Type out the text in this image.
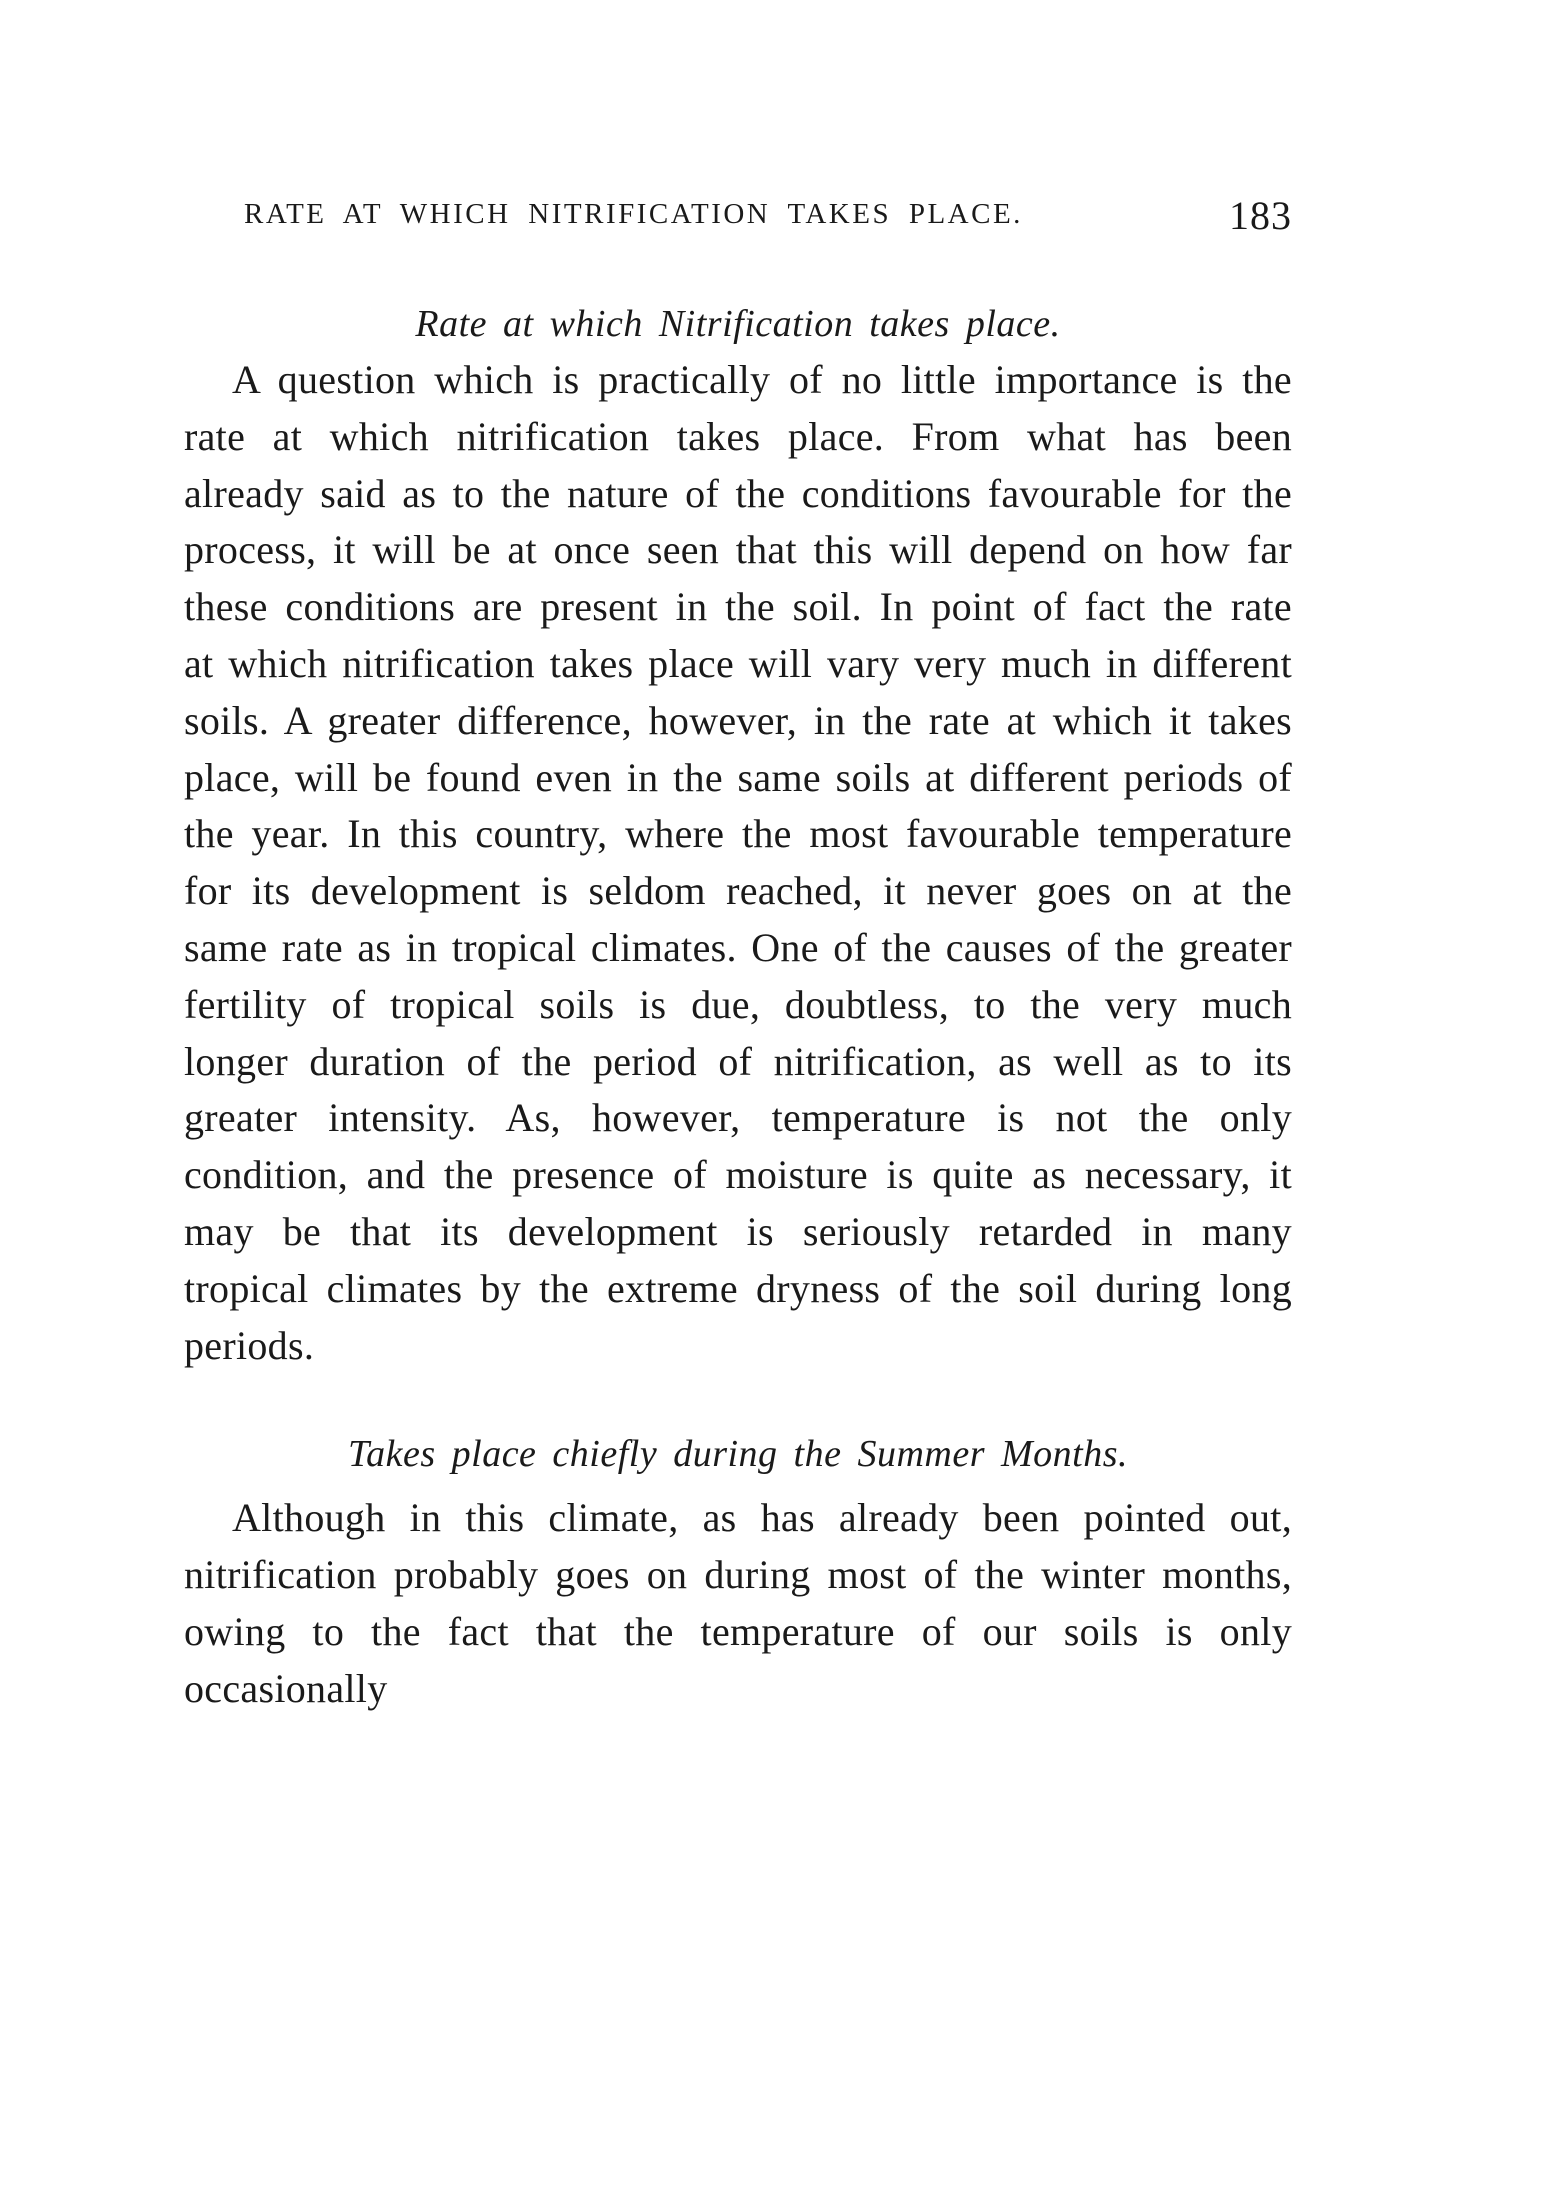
RATE AT WHICH NITRIFICATION TAKES PLACE.	183
Rate at which Nitrification takes place.

A question which is practically of no little importance is the rate at which nitrification takes place. From what has been already said as to the nature of the conditions favourable for the process, it will be at once seen that this will depend on how far these conditions are present in the soil. In point of fact the rate at which nitrification takes place will vary very much in different soils. A greater difference, however, in the rate at which it takes place, will be found even in the same soils at different periods of the year. In this country, where the most favourable temperature for its development is seldom reached, it never goes on at the same rate as in tropical climates. One of the causes of the greater fertility of tropical soils is due, doubtless, to the very much longer duration of the period of nitrification, as well as to its greater intensity. As, however, temperature is not the only condition, and the presence of moisture is quite as necessary, it may be that its development is seriously retarded in many tropical climates by the extreme dryness of the soil during long periods.

Takes place chiefly during the Summer Months.

Although in this climate, as has already been pointed out, nitrification probably goes on during most of the winter months, owing to the fact that the temperature of our soils is only occasionally
